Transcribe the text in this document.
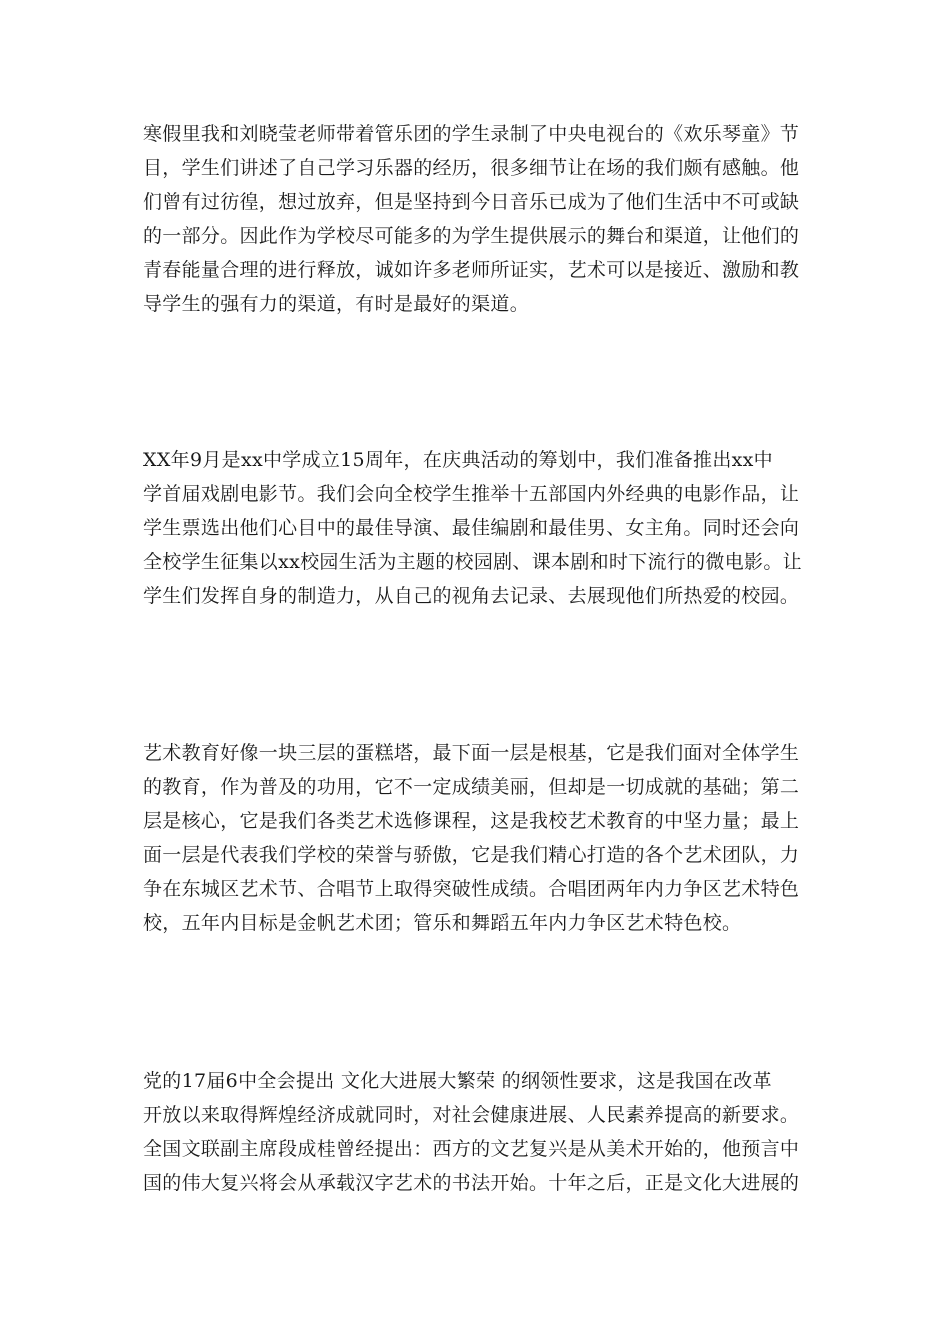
寒假里我和刘晓莹老师带着管乐团的学生录制了中央电视台的《欢乐琴童》节
目，学生们讲述了自己学习乐器的经历，很多细节让在场的我们颇有感触。他
们曾有过彷徨，想过放弃，但是坚持到今日音乐已成为了他们生活中不可或缺
的一部分。因此作为学校尽可能多的为学生提供展示的舞台和渠道，让他们的
青春能量合理的进行释放，诚如许多老师所证实，艺术可以是接近、激励和教
导学生的强有力的渠道，有时是最好的渠道。

XX年9月是xx中学成立15周年，在庆典活动的筹划中，我们准备推出xx中
学首届戏剧电影节。我们会向全校学生推举十五部国内外经典的电影作品，让
学生票选出他们心目中的最佳导演、最佳编剧和最佳男、女主角。同时还会向
全校学生征集以xx校园生活为主题的校园剧、课本剧和时下流行的微电影。让
学生们发挥自身的制造力，从自己的视角去记录、去展现他们所热爱的校园。

艺术教育好像一块三层的蛋糕塔，最下面一层是根基，它是我们面对全体学生
的教育，作为普及的功用，它不一定成绩美丽，但却是一切成就的基础；第二
层是核心，它是我们各类艺术选修课程，这是我校艺术教育的中坚力量；最上
面一层是代表我们学校的荣誉与骄傲，它是我们精心打造的各个艺术团队，力
争在东城区艺术节、合唱节上取得突破性成绩。合唱团两年内力争区艺术特色
校，五年内目标是金帆艺术团；管乐和舞蹈五年内力争区艺术特色校。

党的17届6中全会提出 文化大进展大繁荣 的纲领性要求，这是我国在改革
开放以来取得辉煌经济成就同时，对社会健康进展、人民素养提高的新要求。
全国文联副主席段成桂曾经提出：西方的文艺复兴是从美术开始的，他预言中
国的伟大复兴将会从承载汉字艺术的书法开始。十年之后，正是文化大进展的
